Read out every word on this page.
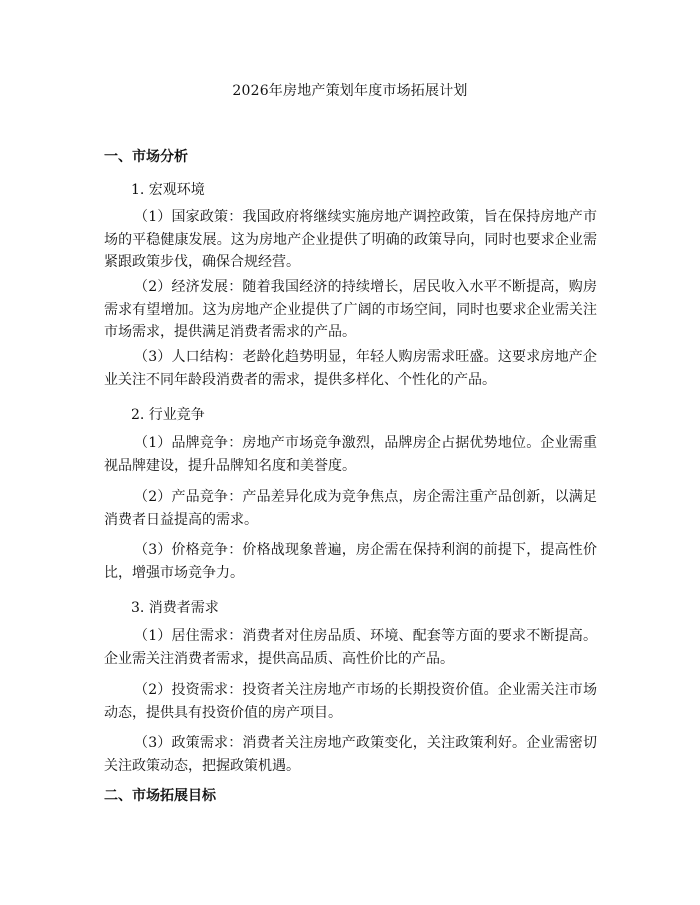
2026年房地产策划年度市场拓展计划
一、市场分析
1. 宏观环境

（1）国家政策：我国政府将继续实施房地产调控政策，旨在保持房地产市场的平稳健康发展。这为房地产企业提供了明确的政策导向，同时也要求企业需紧跟政策步伐，确保合规经营。

（2）经济发展：随着我国经济的持续增长，居民收入水平不断提高，购房需求有望增加。这为房地产企业提供了广阔的市场空间，同时也要求企业需关注市场需求，提供满足消费者需求的产品。

（3）人口结构：老龄化趋势明显，年轻人购房需求旺盛。这要求房地产企业关注不同年龄段消费者的需求，提供多样化、个性化的产品。

2. 行业竞争

（1）品牌竞争：房地产市场竞争激烈，品牌房企占据优势地位。企业需重视品牌建设，提升品牌知名度和美誉度。

（2）产品竞争：产品差异化成为竞争焦点，房企需注重产品创新，以满足消费者日益提高的需求。

（3）价格竞争：价格战现象普遍，房企需在保持利润的前提下，提高性价比，增强市场竞争力。

3. 消费者需求

（1）居住需求：消费者对住房品质、环境、配套等方面的要求不断提高。企业需关注消费者需求，提供高品质、高性价比的产品。

（2）投资需求：投资者关注房地产市场的长期投资价值。企业需关注市场动态，提供具有投资价值的房产项目。

（3）政策需求：消费者关注房地产政策变化，关注政策利好。企业需密切关注政策动态，把握政策机遇。

二、市场拓展目标
